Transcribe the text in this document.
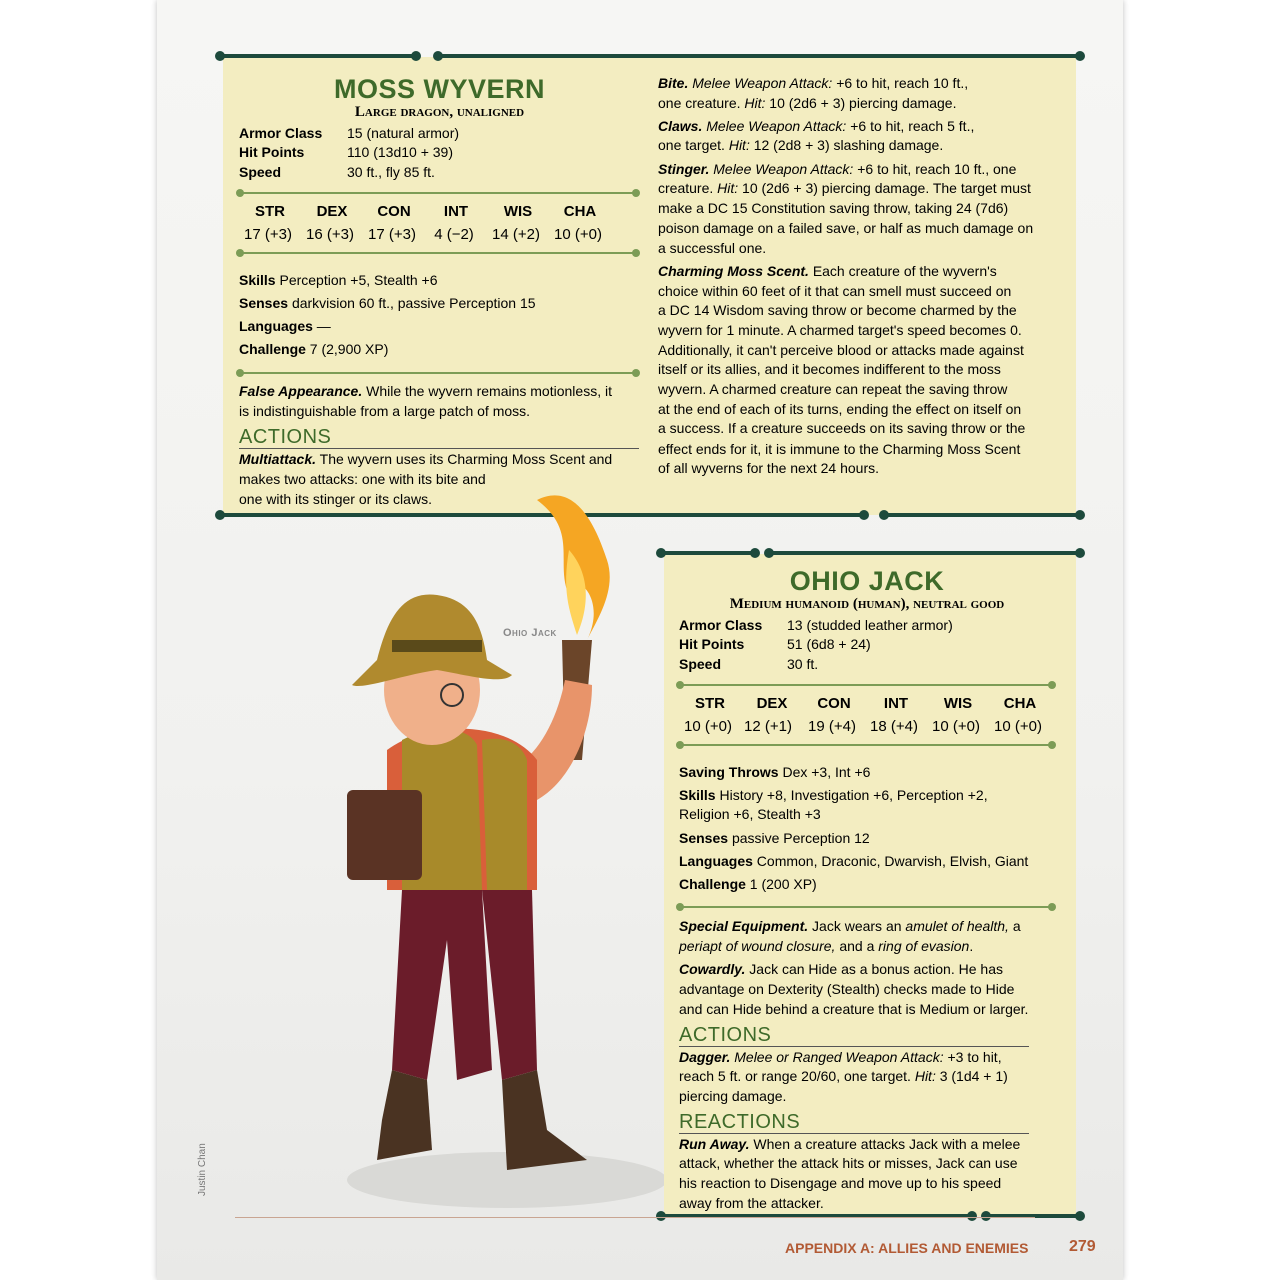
MOSS WYVERN
Large dragon, unaligned
Armor Class 15 (natural armor)
Hit Points	110 (13d10 + 39)
Speed	30 ft., fly 85 ft.
STR	DEX	CON	INT	WIS	CHA
17 (+3) 16 (+3) 17 (+3)	4 (−2)	14 (+2) 10 (+0)
Skills Perception +5, Stealth +6
Senses darkvision 60 ft., passive Perception 15
Languages —
Challenge 7 (2,900 XP)
False Appearance. While the wyvern remains motionless, it
is indistinguishable from a large patch of moss.
ACTIONS
Multiattack. The wyvern uses its Charming Moss Scent and
makes two attacks: one with its bite and
one with its stinger or its claws.
Bite. Melee Weapon Attack: +6 to hit, reach 10 ft.,
one creature. Hit: 10 (2d6 + 3) piercing damage.
Claws. Melee Weapon Attack: +6 to hit, reach 5 ft.,
one target. Hit: 12 (2d8 + 3) slashing damage.
Stinger. Melee Weapon Attack: +6 to hit, reach 10 ft., one
creature. Hit: 10 (2d6 + 3) piercing damage. The target must
make a DC 15 Constitution saving throw, taking 24 (7d6)
poison damage on a failed save, or half as much damage on
a successful one.
Charming Moss Scent. Each creature of the wyvern's
choice within 60 feet of it that can smell must succeed on
a DC 14 Wisdom saving throw or become charmed by the
wyvern for 1 minute. A charmed target's speed becomes 0.
Additionally, it can't perceive blood or attacks made against
itself or its allies, and it becomes indifferent to the moss
wyvern. A charmed creature can repeat the saving throw
at the end of each of its turns, ending the effect on itself on
a success. If a creature succeeds on its saving throw or the
effect ends for it, it is immune to the Charming Moss Scent
of all wyverns for the next 24 hours.
Ohio Jack
Justin Chan
OHIO JACK
Medium humanoid (human), neutral good
Armor Class 13 (studded leather armor)
Hit Points	51 (6d8 + 24)
Speed	30 ft.
STR	DEX	CON	INT	WIS	CHA
10 (+0) 12 (+1)	19 (+4) 18 (+4) 10 (+0) 10 (+0)
Saving Throws Dex +3, Int +6
Skills History +8, Investigation +6, Perception +2,
Religion +6, Stealth +3
Senses passive Perception 12
Languages Common, Draconic, Dwarvish, Elvish, Giant
Challenge 1 (200 XP)
Special Equipment. Jack wears an amulet of health, a
periapt of wound closure, and a ring of evasion.
Cowardly. Jack can Hide as a bonus action. He has
advantage on Dexterity (Stealth) checks made to Hide
and can Hide behind a creature that is Medium or larger.
ACTIONS
Dagger. Melee or Ranged Weapon Attack: +3 to hit,
reach 5 ft. or range 20/60, one target. Hit: 3 (1d4 + 1)
piercing damage.
REACTIONS
Run Away. When a creature attacks Jack with a melee
attack, whether the attack hits or misses, Jack can use
his reaction to Disengage and move up to his speed
away from the attacker.
APPENDIX A: ALLIES AND ENEMIES	279
